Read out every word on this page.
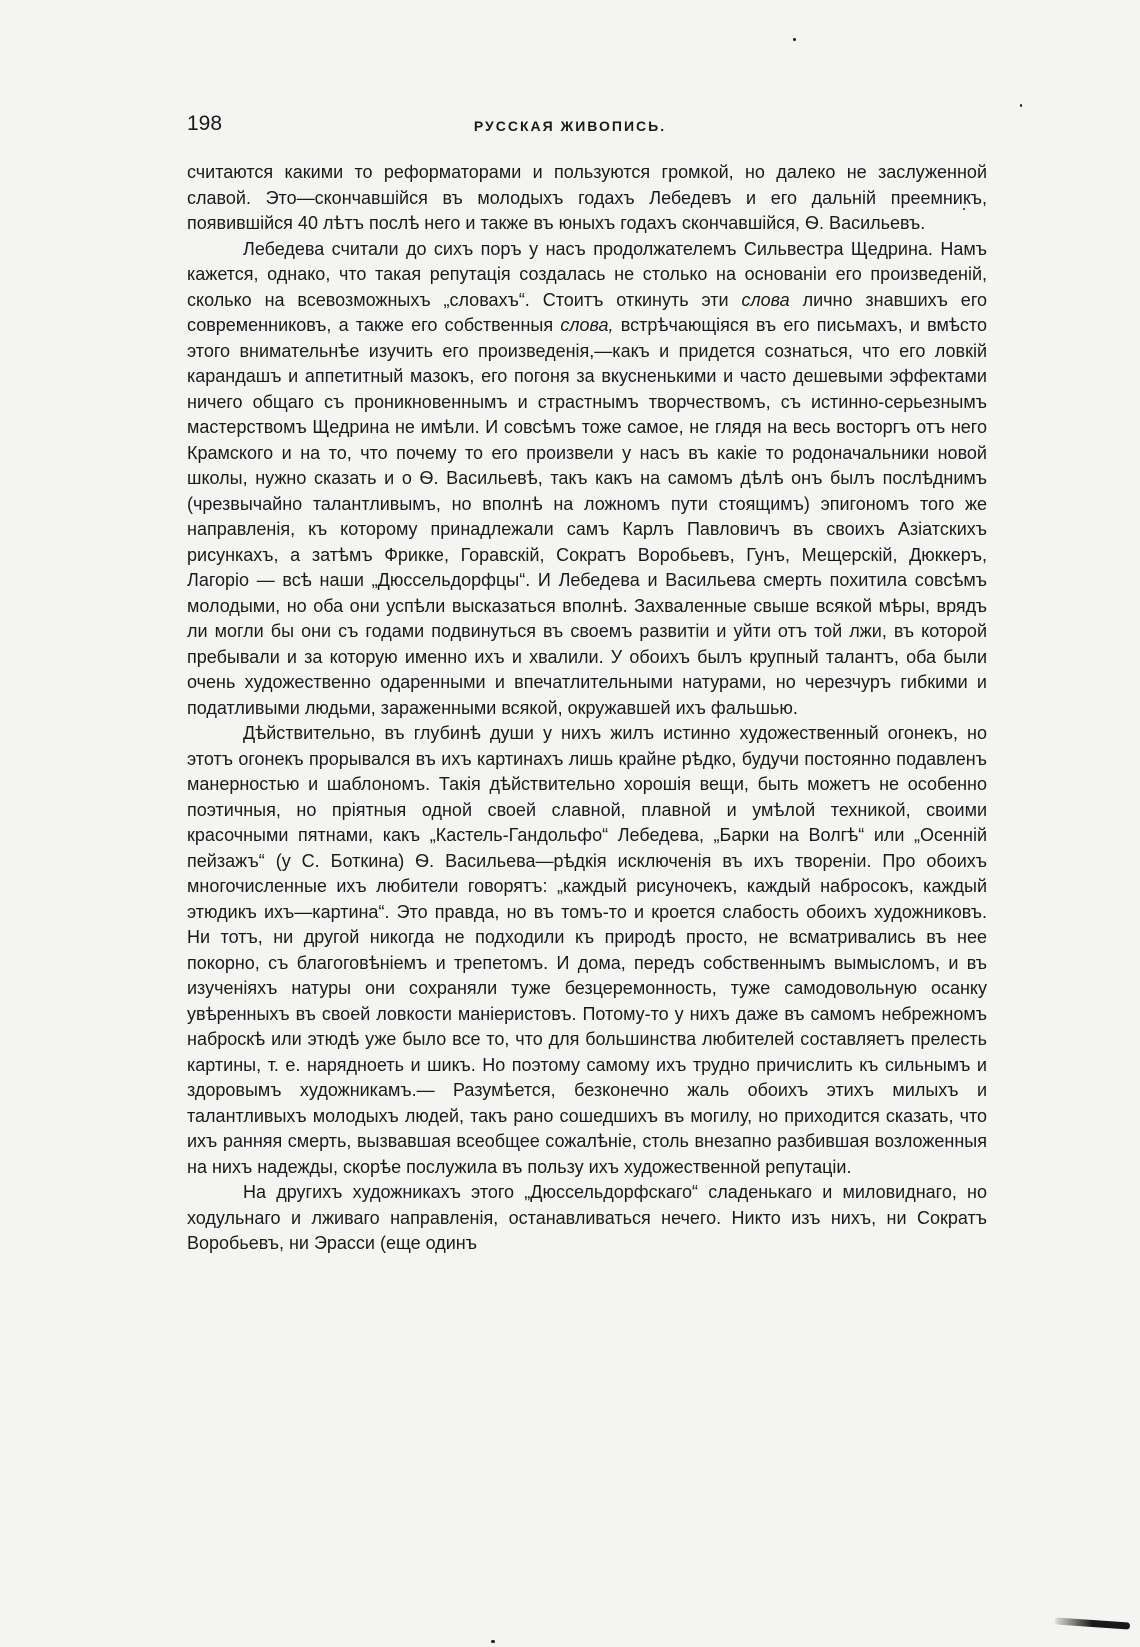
198	РУССКАЯ ЖИВОПИСЬ.

считаются какими то реформаторами и пользуются громкой, но далеко не заслуженной славой. Это—скончавшійся въ молодыхъ годахъ Лебедевъ и его дальній преемникъ, появившійся 40 лѣтъ послѣ него и также въ юныхъ годахъ скончавшійся, Ѳ. Васильевъ.

Лебедева считали до сихъ поръ у насъ продолжателемъ Сильвестра Щедрина. Намъ кажется, однако, что такая репутація создалась не столько на основаніи его произведеній, сколько на всевозможныхъ „словахъ“. Стоитъ откинуть эти слова лично знавшихъ его современниковъ, а также его собственныя слова, встрѣчающіяся въ его письмахъ, и вмѣсто этого внимательнѣе изучить его произведенія,—какъ и придется сознаться, что его ловкій карандашъ и аппетитный мазокъ, его погоня за вкусненькими и часто дешевыми эффектами ничего общаго съ проникновеннымъ и страстнымъ творчествомъ, съ истинно-серьезнымъ мастерствомъ Щедрина не имѣли. И совсѣмъ тоже самое, не глядя на весь восторгъ отъ него Крамского и на то, что почему то его произвели у насъ въ какіе то родоначальники новой школы, нужно сказать и о Ѳ. Васильевѣ, такъ какъ на самомъ дѣлѣ онъ былъ послѣднимъ (чрезвычайно талантливымъ, но вполнѣ на ложномъ пути стоящимъ) эпигономъ того же направленія, къ которому принадлежали самъ Карлъ Павловичъ въ своихъ Азіатскихъ рисункахъ, а затѣмъ Фрикке, Горавскій, Сократъ Воробьевъ, Гунъ, Мещерскій, Дюккеръ, Лагоріо — всѣ наши „Дюссельдорфцы“. И Лебедева и Васильева смерть похитила совсѣмъ молодыми, но оба они успѣли высказаться вполнѣ. Захваленные свыше всякой мѣры, врядъ ли могли бы они съ годами подвинуться въ своемъ развитіи и уйти отъ той лжи, въ которой пребывали и за которую именно ихъ и хвалили. У обоихъ былъ крупный талантъ, оба были очень художественно одаренными и впечатлительными натурами, но черезчуръ гибкими и податливыми людьми, зараженными всякой, окружавшей ихъ фальшью.

Дѣйствительно, въ глубинѣ души у нихъ жилъ истинно художественный огонекъ, но этотъ огонекъ прорывался въ ихъ картинахъ лишь крайне рѣдко, будучи постоянно подавленъ манерностью и шаблономъ. Такія дѣйствительно хорошія вещи, быть можетъ не особенно поэтичныя, но пріятныя одной своей славной, плавной и умѣлой техникой, своими красочными пятнами, какъ „Кастель-Гандольфо“ Лебедева, „Барки на Волгѣ“ или „Осенній пейзажъ“ (у С. Боткина) Ѳ. Васильева—рѣдкія исключенія въ ихъ твореніи. Про обоихъ многочисленные ихъ любители говорятъ: „каждый рисуночекъ, каждый набросокъ, каждый этюдикъ ихъ—картина“. Это правда, но въ томъ-то и кроется слабость обоихъ художниковъ. Ни тотъ, ни другой никогда не подходили къ природѣ просто, не всматривались въ нее покорно, съ благоговѣніемъ и трепетомъ. И дома, передъ собственнымъ вымысломъ, и въ изученіяхъ натуры они сохраняли туже безцеремонность, туже самодовольную осанку увѣренныхъ въ своей ловкости маніеристовъ. Потому-то у нихъ даже въ самомъ небрежномъ наброскѣ или этюдѣ уже было все то, что для большинства любителей составляетъ прелесть картины, т. е. нарядноеть и шикъ. Но поэтому самому ихъ трудно причислить къ сильнымъ и здоровымъ художникамъ.— Разумѣется, безконечно жаль обоихъ этихъ милыхъ и талантливыхъ молодыхъ людей, такъ рано сошедшихъ въ могилу, но приходится сказать, что ихъ ранняя смерть, вызвавшая всеобщее сожалѣніе, столь внезапно разбившая возложенныя на нихъ надежды, скорѣе послужила въ пользу ихъ художественной репутаціи.

На другихъ художникахъ этого „Дюссельдорфскаго“ сладенькаго и миловиднаго, но ходульнаго и лживаго направленія, останавливаться нечего. Никто изъ нихъ, ни Сократъ Воробьевъ, ни Эрасси (еще одинъ
